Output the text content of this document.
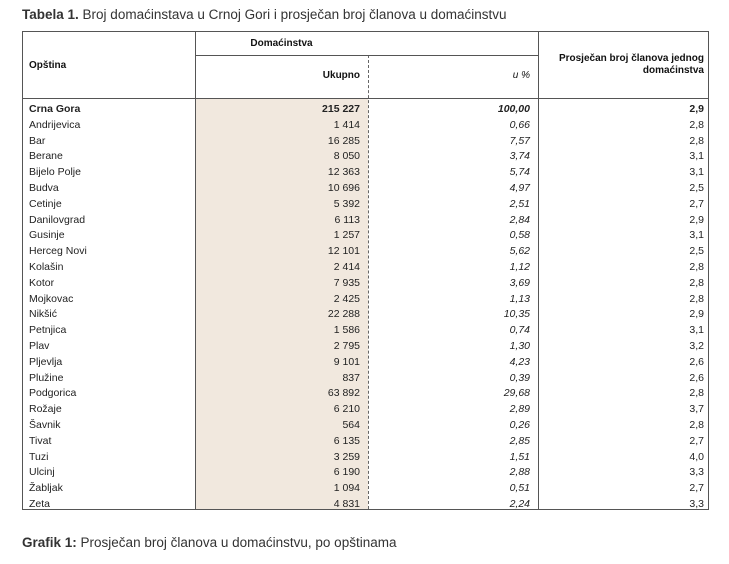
Tabela 1. Broj domaćinstava u Crnoj Gori i prosječan broj članova u domaćinstvu
Opština
Domaćinstva
Ukupno	u %
Prosječan broj članova jednog
domaćinstva
Crna Gora	215 227	100,00	2,9
Andrijevica	1 414	0,66	2,8
Bar	16 285	7,57	2,8
Berane	8 050	3,74	3,1
Bijelo Polje	12 363	5,74	3,1
Budva	10 696	4,97	2,5
Cetinje	5 392	2,51	2,7
Danilovgrad	6 113	2,84	2,9
Gusinje	1 257	0,58	3,1
Herceg Novi	12 101	5,62	2,5
Kolašin	2 414	1,12	2,8
Kotor	7 935	3,69	2,8
Mojkovac	2 425	1,13	2,8
Nikšić	22 288	10,35	2,9
Petnjica	1 586	0,74	3,1
Plav	2 795	1,30	3,2
Pljevlja	9 101	4,23	2,6
Plužine	837	0,39	2,6
Podgorica	63 892	29,68	2,8
Rožaje	6 210	2,89	3,7
Šavnik	564	0,26	2,8
Tivat	6 135	2,85	2,7
Tuzi	3 259	1,51	4,0
Ulcinj	6 190	2,88	3,3
Žabljak	1 094	0,51	2,7
Zeta	4 831	2,24	3,3
Grafik 1: Prosječan broj članova u domaćinstvu, po opštinama
